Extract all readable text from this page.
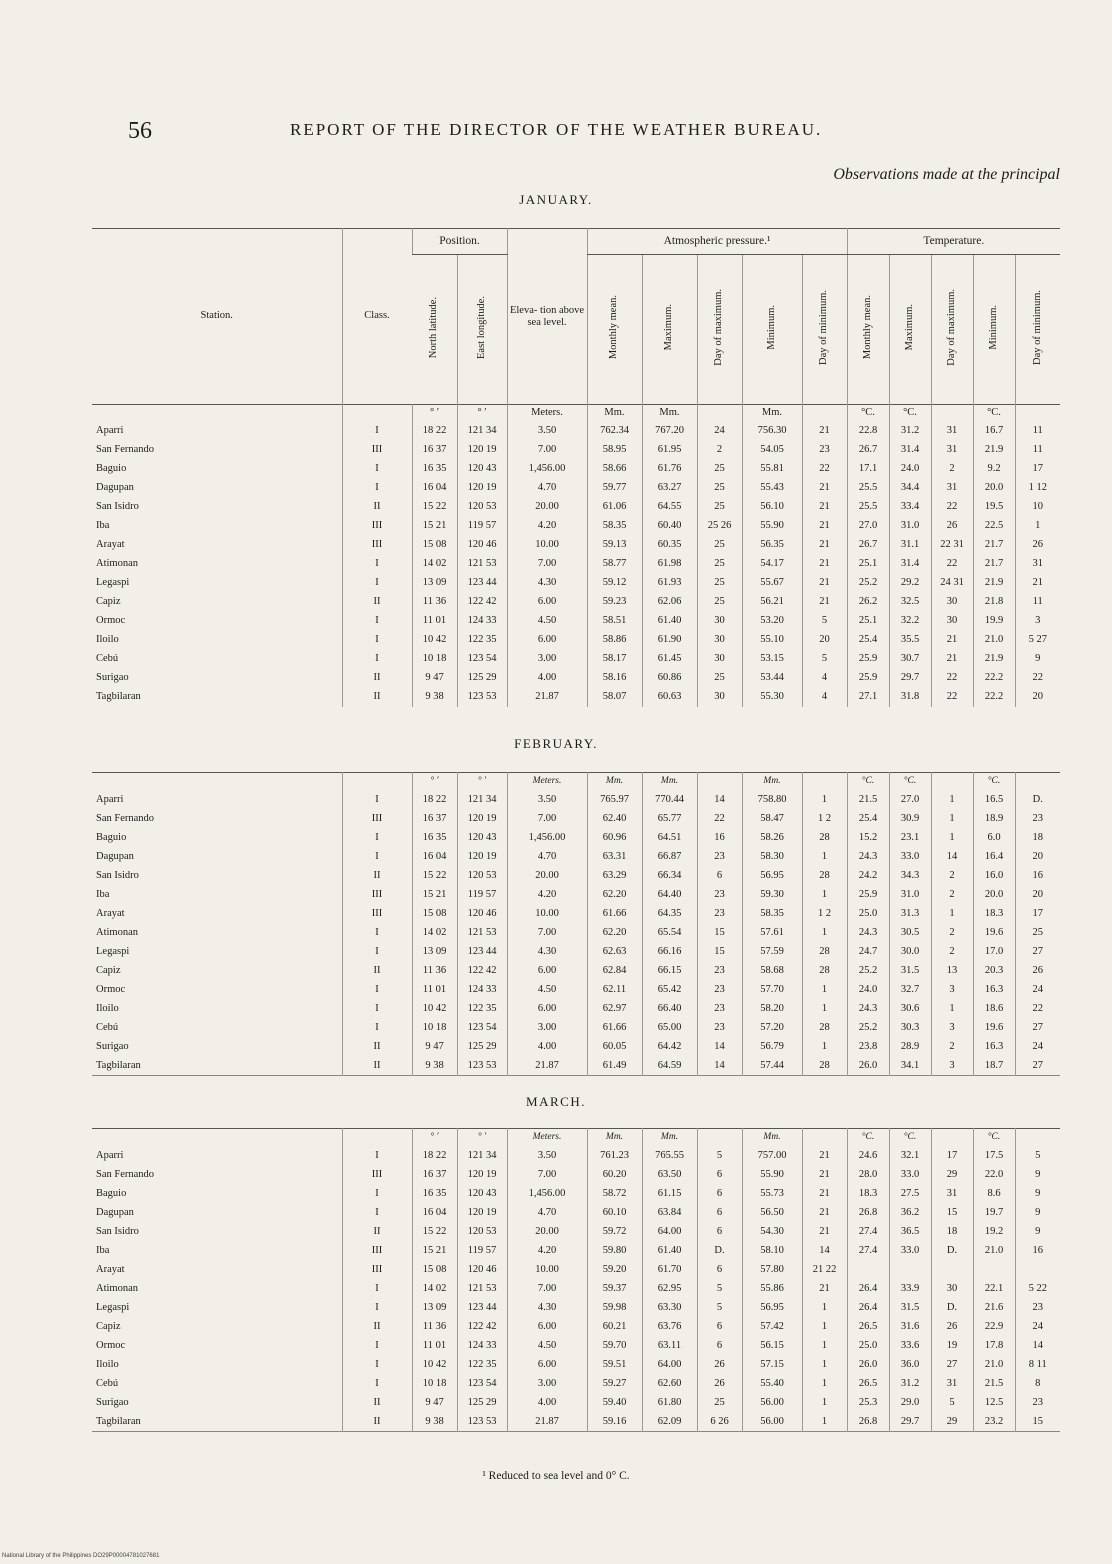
56	REPORT OF THE DIRECTOR OF THE WEATHER BUREAU.
Observations made at the principal
JANUARY.
Station.	Class.	Position.		Eleva- tion above sea level.	Atmospheric pressure.¹					Temperature.				
		North latitude.	East longitude.		Monthly mean.	Maximum.	Day of maximum.	Minimum.	Day of minimum.	Monthly mean.	Maximum.	Day of maximum.	Minimum.	Day of minimum.
		° ′	° ′	Meters.	Mm.	Mm.		Mm.		°C.	°C.		°C.	
Aparri	I	18 22	121 34	3.50	762.34	767.20	24	756.30	21	22.8	31.2	31	16.7	11
San Fernando	III	16 37	120 19	7.00	58.95	61.95	2	54.05	23	26.7	31.4	31	21.9	11
Baguio	I	16 35	120 43	1,456.00	58.66	61.76	25	55.81	22	17.1	24.0	2	9.2	17
Dagupan	I	16 04	120 19	4.70	59.77	63.27	25	55.43	21	25.5	34.4	31	20.0	1 12
San Isidro	II	15 22	120 53	20.00	61.06	64.55	25	56.10	21	25.5	33.4	22	19.5	10
Iba	III	15 21	119 57	4.20	58.35	60.40	25 26	55.90	21	27.0	31.0	26	22.5	1
Arayat	III	15 08	120 46	10.00	59.13	60.35	25	56.35	21	26.7	31.1	22 31	21.7	26
Atimonan	I	14 02	121 53	7.00	58.77	61.98	25	54.17	21	25.1	31.4	22	21.7	31
Legaspi	I	13 09	123 44	4.30	59.12	61.93	25	55.67	21	25.2	29.2	24 31	21.9	21
Capiz	II	11 36	122 42	6.00	59.23	62.06	25	56.21	21	26.2	32.5	30	21.8	11
Ormoc	I	11 01	124 33	4.50	58.51	61.40	30	53.20	5	25.1	32.2	30	19.9	3
Iloilo	I	10 42	122 35	6.00	58.86	61.90	30	55.10	20	25.4	35.5	21	21.0	5 27
Cebú	I	10 18	123 54	3.00	58.17	61.45	30	53.15	5	25.9	30.7	21	21.9	9
Surigao	II	9 47	125 29	4.00	58.16	60.86	25	53.44	4	25.9	29.7	22	22.2	22
Tagbilaran	II	9 38	123 53	21.87	58.07	60.63	30	55.30	4	27.1	31.8	22	22.2	20
FEBRUARY.
		° ′	° ′	Meters.	Mm.	Mm.		Mm.		°C.	°C.		°C.	
Aparri	I	18 22	121 34	3.50	765.97	770.44	14	758.80	1	21.5	27.0	1	16.5	D.
San Fernando	III	16 37	120 19	7.00	62.40	65.77	22	58.47	1 2	25.4	30.9	1	18.9	23
Baguio	I	16 35	120 43	1,456.00	60.96	64.51	16	58.26	28	15.2	23.1	1	6.0	18
Dagupan	I	16 04	120 19	4.70	63.31	66.87	23	58.30	1	24.3	33.0	14	16.4	20
San Isidro	II	15 22	120 53	20.00	63.29	66.34	6	56.95	28	24.2	34.3	2	16.0	16
Iba	III	15 21	119 57	4.20	62.20	64.40	23	59.30	1	25.9	31.0	2	20.0	20
Arayat	III	15 08	120 46	10.00	61.66	64.35	23	58.35	1 2	25.0	31.3	1	18.3	17
Atimonan	I	14 02	121 53	7.00	62.20	65.54	15	57.61	1	24.3	30.5	2	19.6	25
Legaspi	I	13 09	123 44	4.30	62.63	66.16	15	57.59	28	24.7	30.0	2	17.0	27
Capiz	II	11 36	122 42	6.00	62.84	66.15	23	58.68	28	25.2	31.5	13	20.3	26
Ormoc	I	11 01	124 33	4.50	62.11	65.42	23	57.70	1	24.0	32.7	3	16.3	24
Iloilo	I	10 42	122 35	6.00	62.97	66.40	23	58.20	1	24.3	30.6	1	18.6	22
Cebú	I	10 18	123 54	3.00	61.66	65.00	23	57.20	28	25.2	30.3	3	19.6	27
Surigao	II	9 47	125 29	4.00	60.05	64.42	14	56.79	1	23.8	28.9	2	16.3	24
Tagbilaran	II	9 38	123 53	21.87	61.49	64.59	14	57.44	28	26.0	34.1	3	18.7	27
MARCH.
		° ′	° ′	Meters.	Mm.	Mm.		Mm.		°C.	°C.		°C.	
Aparri	I	18 22	121 34	3.50	761.23	765.55	5	757.00	21	24.6	32.1	17	17.5	5
San Fernando	III	16 37	120 19	7.00	60.20	63.50	6	55.90	21	28.0	33.0	29	22.0	9
Baguio	I	16 35	120 43	1,456.00	58.72	61.15	6	55.73	21	18.3	27.5	31	8.6	9
Dagupan	I	16 04	120 19	4.70	60.10	63.84	6	56.50	21	26.8	36.2	15	19.7	9
San Isidro	II	15 22	120 53	20.00	59.72	64.00	6	54.30	21	27.4	36.5	18	19.2	9
Iba	III	15 21	119 57	4.20	59.80	61.40	D.	58.10	14	27.4	33.0	D.	21.0	16
Arayat	III	15 08	120 46	10.00	59.20	61.70	6	57.80	21 22					
Atimonan	I	14 02	121 53	7.00	59.37	62.95	5	55.86	21	26.4	33.9	30	22.1	5 22
Legaspi	I	13 09	123 44	4.30	59.98	63.30	5	56.95	1	26.4	31.5	D.	21.6	23
Capiz	II	11 36	122 42	6.00	60.21	63.76	6	57.42	1	26.5	31.6	26	22.9	24
Ormoc	I	11 01	124 33	4.50	59.70	63.11	6	56.15	1	25.0	33.6	19	17.8	14
Iloilo	I	10 42	122 35	6.00	59.51	64.00	26	57.15	1	26.0	36.0	27	21.0	8 11
Cebú	I	10 18	123 54	3.00	59.27	62.60	26	55.40	1	26.5	31.2	31	21.5	8
Surigao	II	9 47	125 29	4.00	59.40	61.80	25	56.00	1	25.3	29.0	5	12.5	23
Tagbilaran	II	9 38	123 53	21.87	59.16	62.09	6 26	56.00	1	26.8	29.7	29	23.2	15
¹ Reduced to sea level and 0° C.
National Library of the Philippines DO29P00004781027681
